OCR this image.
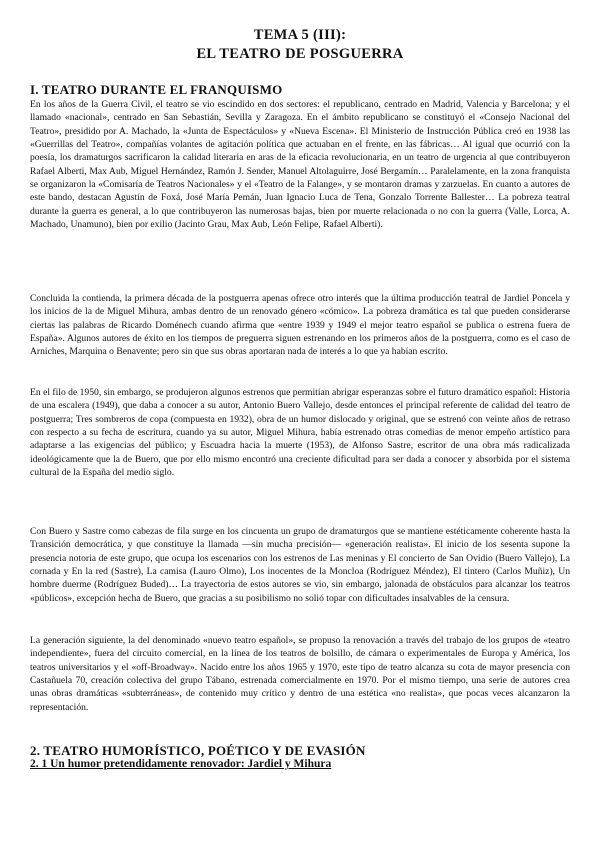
TEMA 5 (III):
EL TEATRO DE POSGUERRA
I. TEATRO DURANTE EL FRANQUISMO

En los años de la Guerra Civil, el teatro se vio escindido en dos sectores: el republicano, centrado en Madrid, Valencia y Barcelona; y el llamado «nacional», centrado en San Sebastián, Sevilla y Zaragoza. En el ámbito republicano se constituyó el «Consejo Nacional del Teatro», presidido por A. Machado, la «Junta de Espectáculos» y «Nueva Escena». El Ministerio de Instrucción Pública creó en 1938 las «Guerrillas del Teatro», compañías volantes de agitación política que actuaban en el frente, en las fábricas… Al igual que ocurrió con la poesía, los dramaturgos sacrificaron la calidad literaria en aras de la eficacia revolucionaria, en un teatro de urgencia al que contribuyeron Rafael Alberti, Max Aub, Miguel Hernández, Ramón J. Sender, Manuel Altolaguirre, José Bergamín… Paralelamente, en la zona franquista se organizaron la «Comisaría de Teatros Nacionales» y el «Teatro de la Falange», y se montaron dramas y zarzuelas. En cuanto a autores de este bando, destacan Agustín de Foxá, José María Pemán, Juan Ignacio Luca de Tena, Gonzalo Torrente Ballester… La pobreza teatral durante la guerra es general, a lo que contribuyeron las numerosas bajas, bien por muerte relacionada o no con la guerra (Valle, Lorca, A. Machado, Unamuno), bien por exilio (Jacinto Grau, Max Aub, León Felipe, Rafael Alberti).

Concluida la contienda, la primera década de la postguerra apenas ofrece otro interés que la última producción teatral de Jardiel Poncela y los inicios de la de Miguel Mihura, ambas dentro de un renovado género «cómico». La pobreza dramática es tal que pueden considerarse ciertas las palabras de Ricardo Doménech cuando afirma que «entre 1939 y 1949 el mejor teatro español se publica o estrena fuera de España». Algunos autores de éxito en los tiempos de preguerra siguen estrenando en los primeros años de la postguerra, como es el caso de Arniches, Marquina o Benavente; pero sin que sus obras aportaran nada de interés a lo que ya habían escrito.

En el filo de 1950, sin embargo, se produjeron algunos estrenos que permitían abrigar esperanzas sobre el futuro dramático español: Historia de una escalera (1949), que daba a conocer a su autor, Antonio Buero Vallejo, desde entonces el principal referente de calidad del teatro de postguerra; Tres sombreros de copa (compuesta en 1932), obra de un humor dislocado y original, que se estrenó con veinte años de retraso con respecto a su fecha de escritura, cuando ya su autor, Miguel Mihura, había estrenado otras comedias de menor empeño artístico para adaptarse a las exigencias del público; y Escuadra hacia la muerte (1953), de Alfonso Sastre, escritor de una obra más radicalizada ideológicamente que la de Buero, que por ello mismo encontró una creciente dificultad para ser dada a conocer y absorbida por el sistema cultural de la España del medio siglo.

Con Buero y Sastre como cabezas de fila surge en los cincuenta un grupo de dramaturgos que se mantiene estéticamente coherente hasta la Transición democrática, y que constituye la llamada —sin mucha precisión— «generación realista». El inicio de los sesenta supone la presencia notoria de este grupo, que ocupa los escenarios con los estrenos de Las meninas y El concierto de San Ovidio (Buero Vallejo), La cornada y En la red (Sastre), La camisa (Lauro Olmo), Los inocentes de la Moncloa (Rodríguez Méndez), El tintero (Carlos Muñiz), Un hombre duerme (Rodríguez Buded)… La trayectoria de estos autores se vio, sin embargo, jalonada de obstáculos para alcanzar los teatros «públicos», excepción hecha de Buero, que gracias a su posibilismo no solió topar con dificultades insalvables de la censura.

La generación siguiente, la del denominado «nuevo teatro español», se propuso la renovación a través del trabajo de los grupos de «teatro independiente», fuera del circuito comercial, en la línea de los teatros de bolsillo, de cámara o experimentales de Europa y América, los teatros universitarios y el «off-Broadway». Nacido entre los años 1965 y 1970, este tipo de teatro alcanza su cota de mayor presencia con Castañuela 70, creación colectiva del grupo Tábano, estrenada comercialmente en 1970. Por el mismo tiempo, una serie de autores crea unas obras dramáticas «subterráneas», de contenido muy crítico y dentro de una estética «no realista», que pocas veces alcanzaron la representación.

2. TEATRO HUMORÍSTICO, POÉTICO Y DE EVASIÓN
2. 1 Un humor pretendidamente renovador: Jardiel y Mihura
